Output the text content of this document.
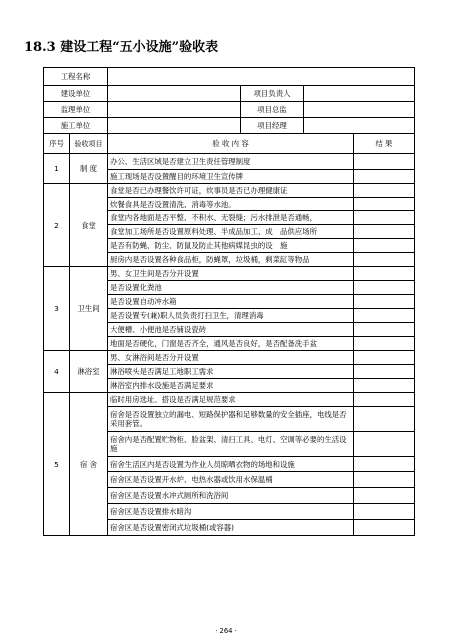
18.3 建设工程“五小设施”验收表
工程名称					
建设单位			项目负责人		
监理单位			项目总监		
施工单位			项目经理		
序号	验收项目	验 收 内 容			结 果
1	制 度	办公、生活区域是否建立卫生责任管理制度			
		施工现场是否设置醒目的环境卫生宣传牌			
2	食堂	食堂是否已办理餐饮许可证，炊事员是否已办理健康证			
		炊餐食具是否设置清洗、消毒等水池。			
		食堂内各地面是否平整、不积水、无裂缝；污水排泄是否通畅，			
		食堂加工场所是否设置原料处理、半成品加工、成　品供应场所			
		是否有防蝇、防尘、防鼠及防止其他病媒昆虫的设　施			
		厨房内是否设置各种食品柜，防蝇罩，垃圾桶，剩菜缸等物品			
3	卫生间	男、女卫生间是否分开设置			
		是否设置化粪池			
		是否设置自动冲水箱			
		是否设置专(兼)职人员负责打扫卫生，清理消毒			
		大便槽、小便池是否铺设瓷砖			
		地面是否硬化，门窗是否齐全，通风是否良好，是否配备洗手盆			
4	淋浴室	男、女淋浴间是否分开设置			
		淋浴喷头是否满足工地职工需求			
		淋浴室内排水设施是否满足要求			
5	宿 舍	临时用房选址、搭设是否满足规范要求			
		宿舍是否设置独立的漏电、短路保护器和足够数量的安全插座，电线是否采用套管。			
		宿舍内是否配置贮物柜、脸盆架、清扫工具、电灯、空调等必要的生活设施			
		宿舍生活区内是否设置为作业人员晾晒衣物的场地和设施			
		宿舍区是否设置开水炉、电热水器或饮用水保温桶			
		宿舍区是否设置水冲式厕所和洗浴间			
		宿舍区是否设置排水暗沟			
		宿舍区是否设置密闭式垃圾桶(或容器)			
· 264 ·
